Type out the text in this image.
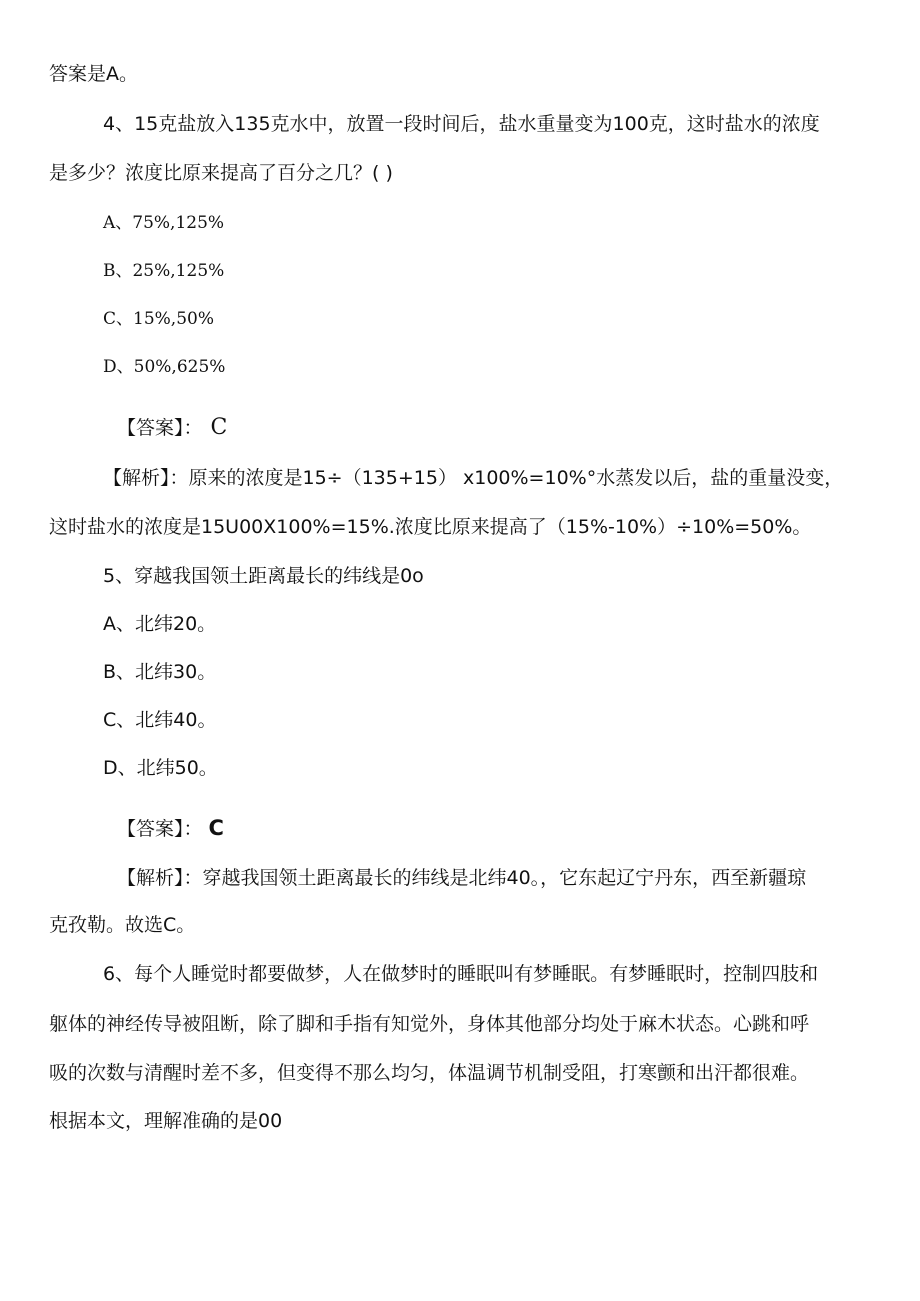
答案是A。
4、15克盐放入135克水中，放置一段时间后，盐水重量变为100克，这时盐水的浓度
是多少？浓度比原来提高了百分之几？( )
A、75%,125%
B、25%,125%
C、15%,50%
D、50%,625%
【答案】： C
【解析】：原来的浓度是15÷（135+15） x100%=10%°水蒸发以后，盐的重量没变，
这时盐水的浓度是15U00X100%=15%.浓度比原来提高了（15%-10%）÷10%=50%。
5、穿越我国领土距离最长的纬线是0o
A、北纬20。
B、北纬30。
C、北纬40。
D、北纬50。
【答案】： C
【解析】：穿越我国领土距离最长的纬线是北纬40。，它东起辽宁丹东，西至新疆琼
克孜勒。故选C。
6、每个人睡觉时都要做梦，人在做梦时的睡眠叫有梦睡眠。有梦睡眠时，控制四肢和
躯体的神经传导被阻断，除了脚和手指有知觉外，身体其他部分均处于麻木状态。心跳和呼
吸的次数与清醒时差不多，但变得不那么均匀，体温调节机制受阻，打寒颤和出汗都很难。
根据本文，理解准确的是00
